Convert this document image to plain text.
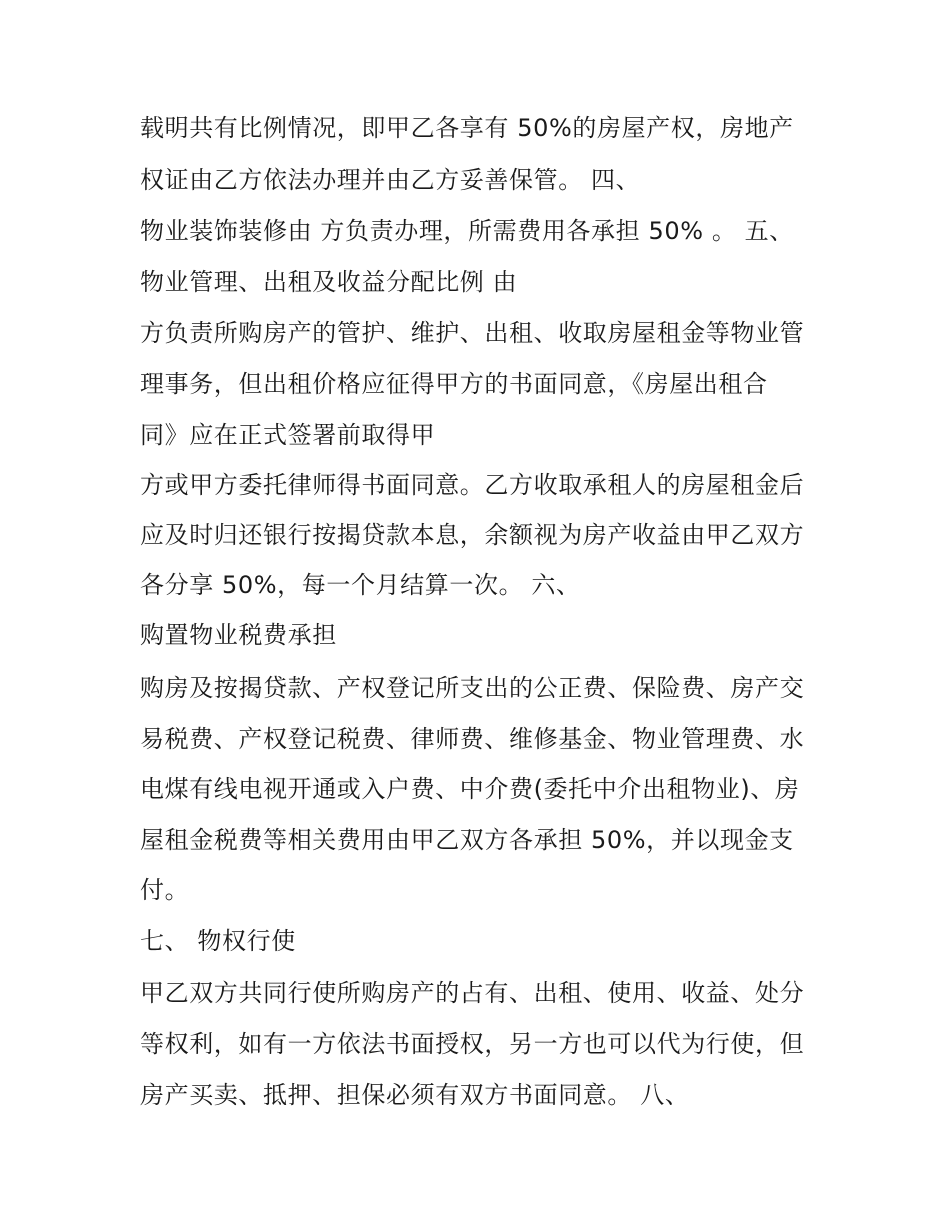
载明共有比例情况，即甲乙各享有 50%的房屋产权，房地产
权证由乙方依法办理并由乙方妥善保管。 四、
物业装饰装修由 方负责办理，所需费用各承担 50% 。 五、
物业管理、出租及收益分配比例 由
方负责所购房产的管护、维护、出租、收取房屋租金等物业管
理事务，但出租价格应征得甲方的书面同意，《房屋出租合
同》应在正式签署前取得甲
方或甲方委托律师得书面同意。乙方收取承租人的房屋租金后
应及时归还银行按揭贷款本息，余额视为房产收益由甲乙双方
各分享 50%，每一个月结算一次。 六、
购置物业税费承担
购房及按揭贷款、产权登记所支出的公正费、保险费、房产交
易税费、产权登记税费、律师费、维修基金、物业管理费、水
电煤有线电视开通或入户费、中介费(委托中介出租物业)、房
屋租金税费等相关费用由甲乙双方各承担 50%，并以现金支
付。
七、 物权行使
甲乙双方共同行使所购房产的占有、出租、使用、收益、处分
等权利，如有一方依法书面授权，另一方也可以代为行使，但
房产买卖、抵押、担保必须有双方书面同意。 八、
